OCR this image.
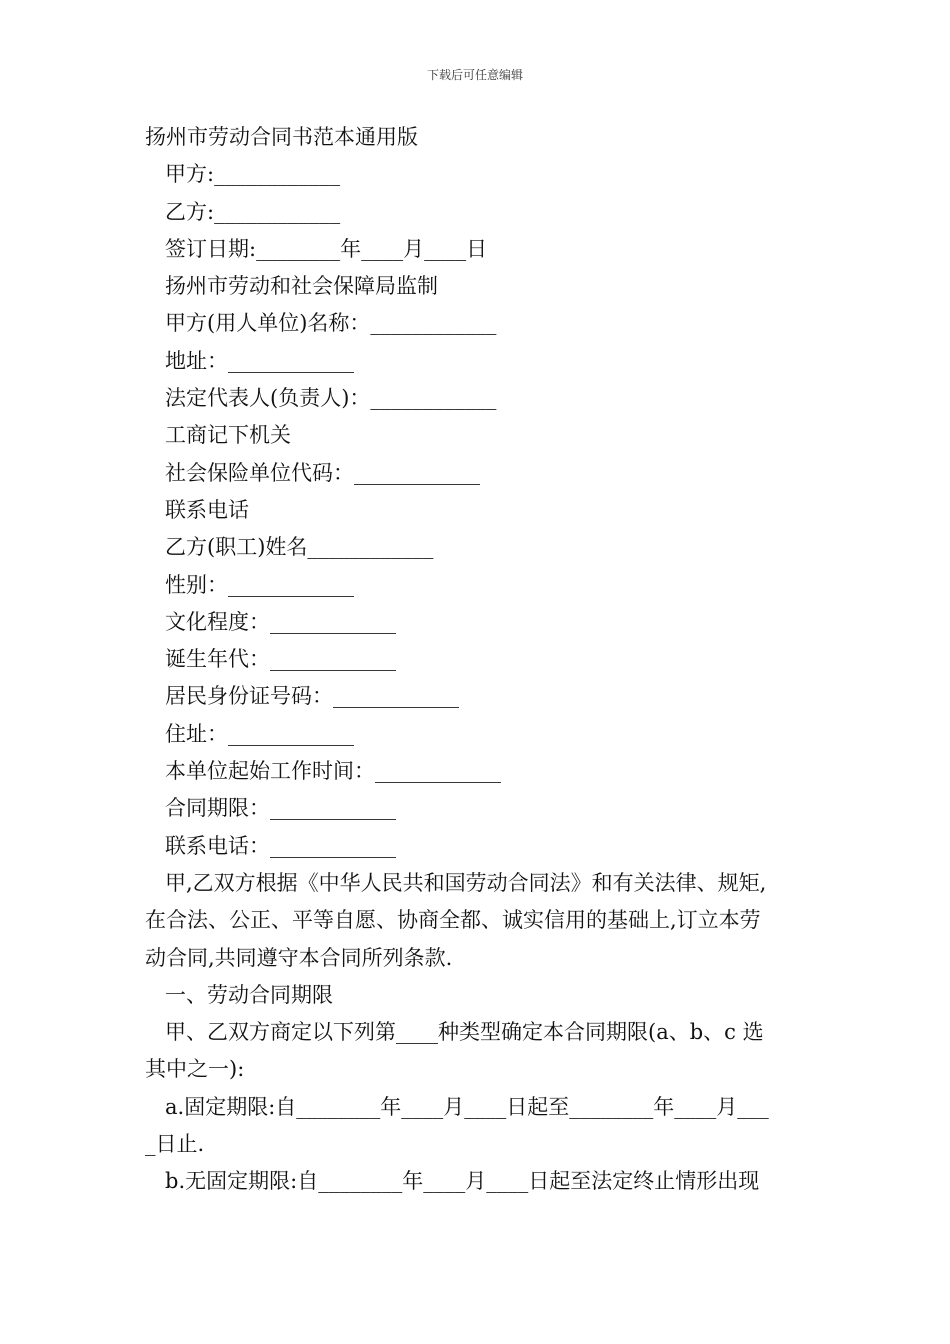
下载后可任意编辑
扬州市劳动合同书范本通用版
甲方:____________
乙方:____________
签订日期:________年____月____日
扬州市劳动和社会保障局监制
甲方(用人单位)名称：____________
地址：____________
法定代表人(负责人)：____________
工商记下机关
社会保险单位代码：____________
联系电话
乙方(职工)姓名____________
性别：____________
文化程度：____________
诞生年代：____________
居民身份证号码：____________
住址：____________
本单位起始工作时间：____________
合同期限：____________
联系电话：____________
甲,乙双方根据《中华人民共和国劳动合同法》和有关法律、规矩,
在合法、公正、平等自愿、协商全都、诚实信用的基础上,订立本劳
动合同,共同遵守本合同所列条款.
一、劳动合同期限
甲、乙双方商定以下列第____种类型确定本合同期限(a、b、c 选
其中之一):
a.固定期限:自________年____月____日起至________年____月___
_日止.
b.无固定期限:自________年____月____日起至法定终止情形出现
